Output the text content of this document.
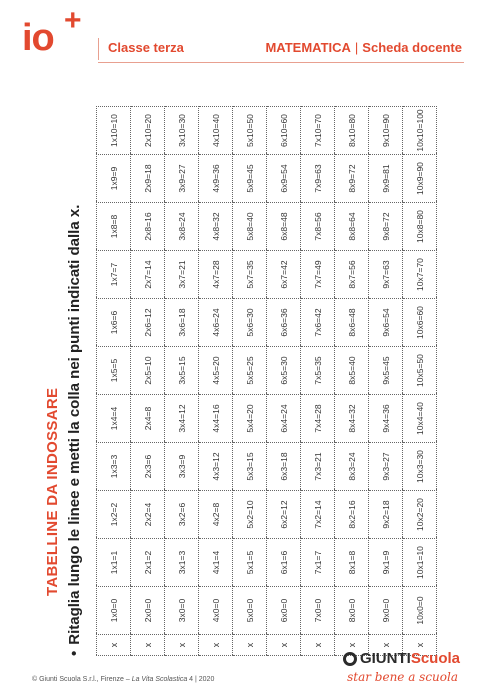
io +
Classe terza	MATEMATICA | Scheda docente
TABELLINE DA INDOSSARE
•Ritaglia lungo le linee e metti la colla nei punti indicati dalla x.
x	1x0=0	1x1=1	1x2=2	1x3=3	1x4=4	1x5=5	1x6=6	1x7=7	1x8=8	1x9=9	1x10=10
x	2x0=0	2x1=2	2x2=4	2x3=6	2x4=8	2x5=10	2x6=12	2x7=14	2x8=16	2x9=18	2x10=20
x	3x0=0	3x1=3	3x2=6	3x3=9	3x4=12	3x5=15	3x6=18	3x7=21	3x8=24	3x9=27	3x10=30
x	4x0=0	4x1=4	4x2=8	4x3=12	4x4=16	4x5=20	4x6=24	4x7=28	4x8=32	4x9=36	4x10=40
x	5x0=0	5x1=5	5x2=10	5x3=15	5x4=20	5x5=25	5x6=30	5x7=35	5x8=40	5x9=45	5x10=50
x	6x0=0	6x1=6	6x2=12	6x3=18	6x4=24	6x5=30	6x6=36	6x7=42	6x8=48	6x9=54	6x10=60
x	7x0=0	7x1=7	7x2=14	7x3=21	7x4=28	7x5=35	7x6=42	7x7=49	7x8=56	7x9=63	7x10=70
x	8x0=0	8x1=8	8x2=16	8x3=24	8x4=32	8x5=40	8x6=48	8x7=56	8x8=64	8x9=72	8x10=80
x	9x0=0	9x1=9	9x2=18	9x3=27	9x4=36	9x5=45	9x6=54	9x7=63	9x8=72	9x9=81	9x10=90
x	10x0=0	10x1=10	10x2=20	10x3=30	10x4=40	10x5=50	10x6=60	10x7=70	10x8=80	10x9=90	10x10=100
© Giunti Scuola S.r.l., Firenze – La Vita Scolastica 4 | 2020
GIUNTIScuola
star bene a scuola
